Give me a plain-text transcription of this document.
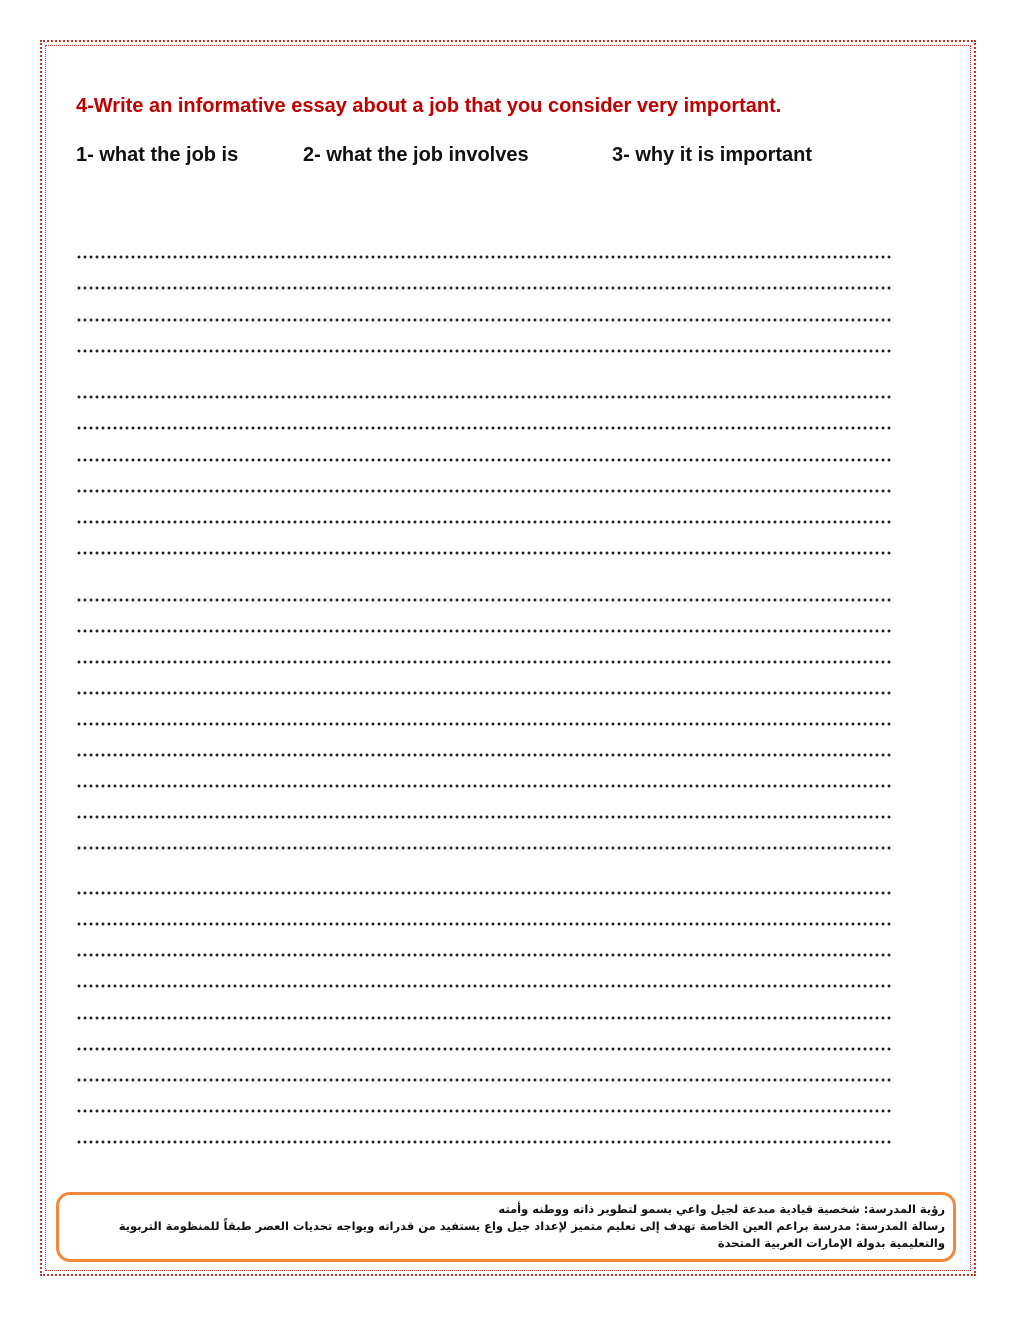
4-Write an informative essay about a job that you consider very important.
1- what the job is	2- what the job involves	3- why it is important
رؤية المدرسة: شخصية قيادية مبدعة لجيل واعي يسمو لتطوير ذاته ووطنه وأمته
رسالة المدرسة: مدرسة براعم العين الخاصة تهدف إلى تعليم متميز لإعداد جيل واع يستفيد من قدراته ويواجه تحديات العصر طبقاً للمنظومة التربوية والتعليمية بدولة الإمارات العربية المتحدة
